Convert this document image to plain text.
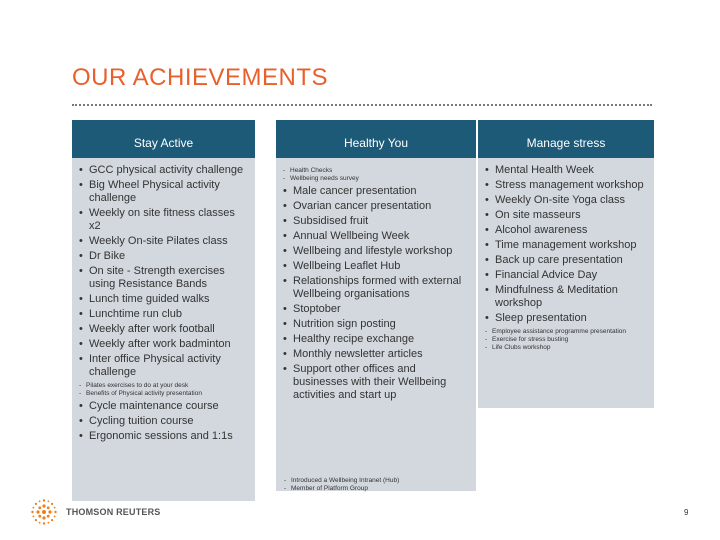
OUR ACHIEVEMENTS
Stay Active
• GCC physical activity challenge
• Big Wheel Physical activity challenge
• Weekly on site fitness classes x2
• Weekly On-site Pilates class
• Dr Bike
• On site - Strength exercises using Resistance Bands
• Lunch time guided walks
• Lunchtime run club
• Weekly after work football
• Weekly after work badminton
• Inter office Physical activity challenge
- Pilates exercises to do at your desk
- Benefits of Physical activity presentation
• Cycle maintenance course
• Cycling tuition course
• Ergonomic sessions and 1:1s
Healthy You
- Health Checks
- Wellbeing needs survey
• Male cancer presentation
• Ovarian cancer presentation
• Subsidised fruit
• Annual Wellbeing Week
• Wellbeing and lifestyle workshop
• Wellbeing Leaflet Hub
• Relationships formed with external Wellbeing organisations
• Stoptober
• Nutrition sign posting
• Healthy recipe exchange
• Monthly newsletter articles
• Support other offices and businesses with their Wellbeing activities and start up
- Introduced a Wellbeing Intranet (Hub)
- Member of Platform Group
Manage stress
• Mental Health Week
• Stress management workshop
• Weekly On-site Yoga class
• On site masseurs
• Alcohol awareness
• Time management workshop
• Back up care presentation
• Financial Advice Day
• Mindfulness & Meditation workshop
• Sleep presentation
- Employee assistance programme presentation
- Exercise for stress busting
- Life Clubs workshop
THOMSON REUTERS	9
